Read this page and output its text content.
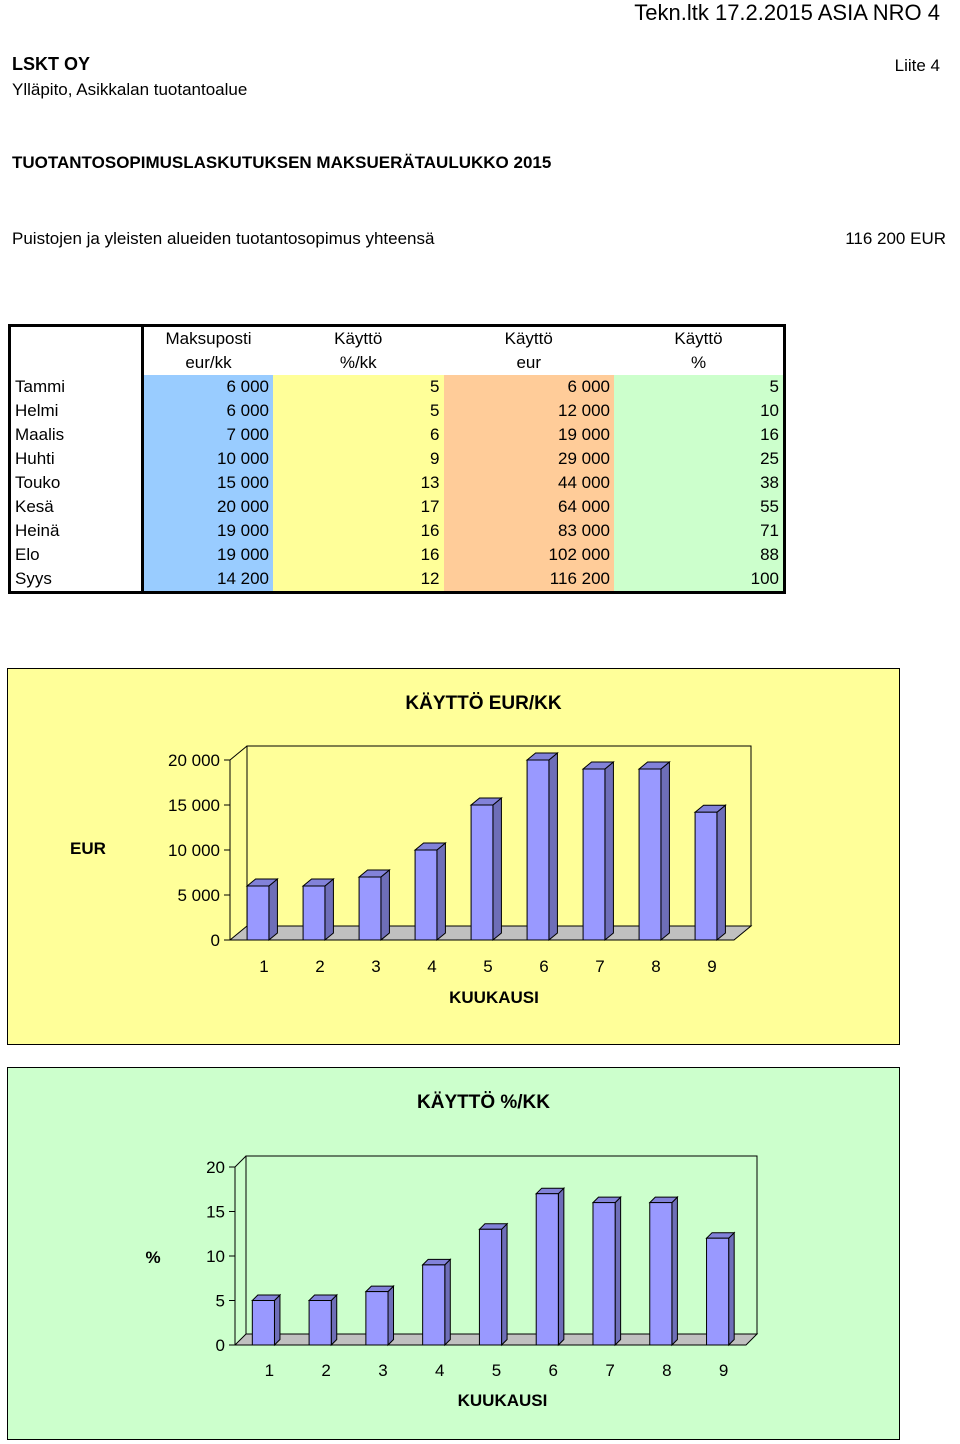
Tekn.ltk 17.2.2015 ASIA NRO 4
LSKT OY	Liite 4
Ylläpito, Asikkalan tuotantoalue
TUOTANTOSOPIMUSLASKUTUKSEN MAKSUERÄTAULUKKO 2015
Puistojen ja yleisten alueiden tuotantosopimus yhteensä	116 200 EUR
	Maksuposti	Käyttö	Käyttö	Käyttö
	eur/kk	%/kk	eur	%
Tammi	6 000	5	6 000	5
Helmi	6 000	5	12 000	10
Maalis	7 000	6	19 000	16
Huhti	10 000	9	29 000	25
Touko	15 000	13	44 000	38
Kesä	20 000	17	64 000	55
Heinä	19 000	16	83 000	71
Elo	19 000	16	102 000	88
Syys	14 200	12	116 200	100
KÄYTTÖ EUR/KK
0
5 000
10 000
15 000
20 000
EUR
1	2	3	4	5	6	7	8	9
KUUKAUSI
KÄYTTÖ %/KK
0
5
10
15
20
%
1	2	3	4	5	6	7	8	9
KUUKAUSI
